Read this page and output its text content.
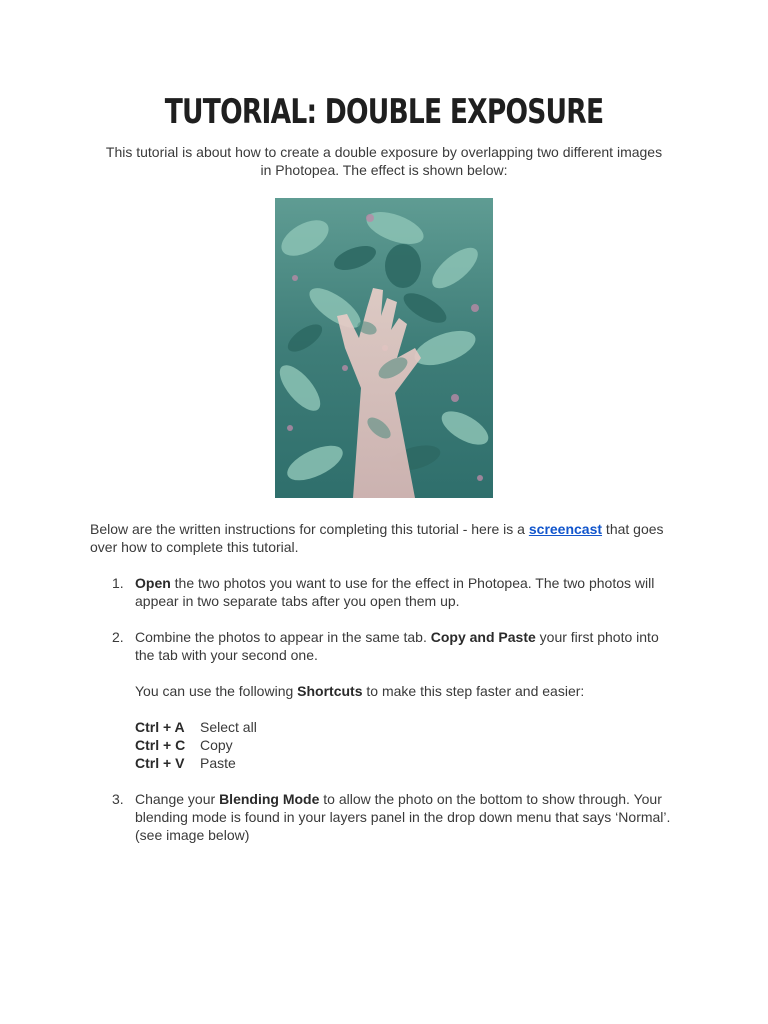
TUTORIAL: DOUBLE EXPOSURE
This tutorial is about how to create a double exposure by overlapping two different images in Photopea. The effect is shown below:
Below are the written instructions for completing this tutorial - here is a screencast that goes over how to complete this tutorial.
1. Open the two photos you want to use for the effect in Photopea. The two photos will appear in two separate tabs after you open them up.
2. Combine the photos to appear in the same tab. Copy and Paste your first photo into the tab with your second one.
You can use the following Shortcuts to make this step faster and easier:
Ctrl + A Select all
Ctrl + C Copy
Ctrl + V Paste
3. Change your Blending Mode to allow the photo on the bottom to show through. Your blending mode is found in your layers panel in the drop down menu that says ‘Normal’. (see image below)
